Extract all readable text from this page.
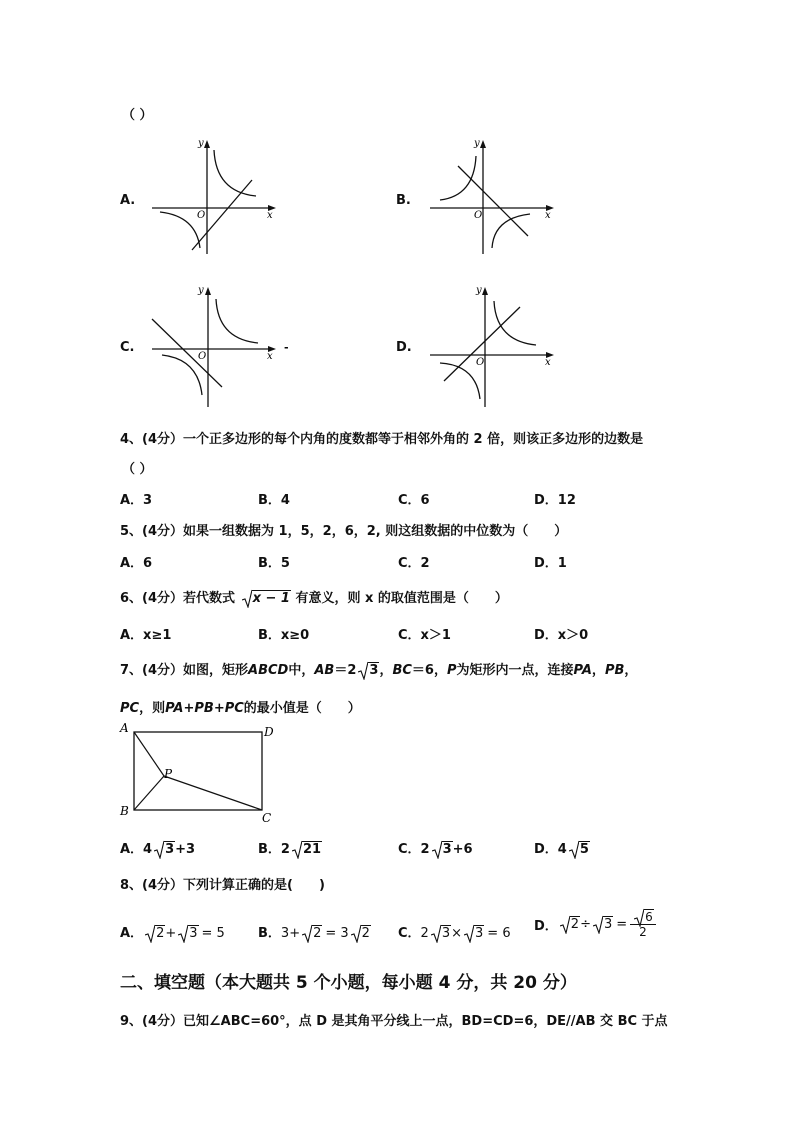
（ ）
A.	B.
C.	D.
y
x
O
y
x
O
y
x
O
-
y
x
O
4、(4分）一个正多边形的每个内角的度数都等于相邻外角的 2 倍，则该正多边形的边数是
（ ）
A．3	B．4	C．6	D．12
5、(4分）如果一组数据为 1，5，2，6，2, 则这组数据的中位数为（　　）
A．6	B．5	C．2	D．1
6、(4分）若代数式 x − 1 有意义，则 x 的取值范围是（　　）
A．x≥1	B．x≥0	C．x＞1	D．x＞0
7、(4分）如图，矩形ABCD中，AB＝2 3，BC＝6，P为矩形内一点，连接PA，PB，
PC，则PA+PB+PC的最小值是（　　）
A	D
B	C
P
A．4 3+3	B．2 21	C．2 3+6	D．4 5
8、(4分）下列计算正确的是(　　)
A． 2+ 3 = 5	B．3+ 2 = 3 2 C．2 3× 3 = 6 D． $2\div 3 = \frac{6}{2}$
二、填空题（本大题共 5 个小题，每小题 4 分，共 20 分）
9、(4分）已知∠ABC=60°，点 D 是其角平分线上一点，BD=CD=6，DE//AB 交 BC 于点
